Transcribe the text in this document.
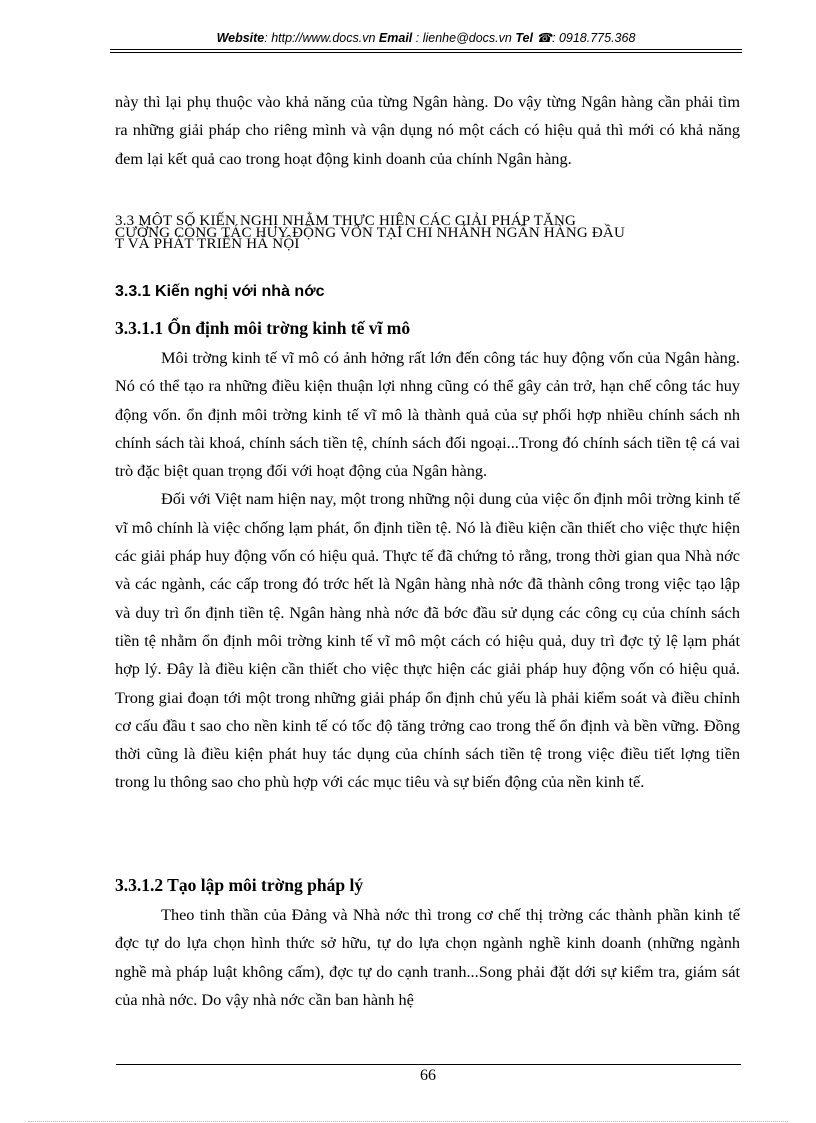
Website: http://www.docs.vn Email : lienhe@docs.vn Tel ☎: 0918.775.368

này thì lại phụ thuộc vào khả năng của từng Ngân hàng. Do vậy từng Ngân hàng cần phải tìm ra những giải pháp cho riêng mình và vận dụng nó một cách có hiệu quả thì mới có khả năng đem lại kết quả cao trong hoạt động kinh doanh của chính Ngân hàng.

3.3 MỘT SỐ KIẾN NGHỊ NHẰM THỰC HIỆN CÁC GIẢI PHÁP TĂNG
CƯỜNG CÔNG TÁC HUY ĐỘNG VỐN TẠI CHI NHÁNH NGÂN HÀNG ĐẦU
T VÀ PHÁT TRIỂN HÀ NỘI
3.3.1 Kiến nghị với nhà nớc
3.3.1.1 Ổn định môi trờng kinh tế vĩ mô

Môi trờng kinh tế vĩ mô có ảnh hởng rất lớn đến công tác huy động vốn của Ngân hàng. Nó có thể tạo ra những điều kiện thuận lợi nhng cũng có thể gây cản trở, hạn chế công tác huy động vốn. ổn định môi trờng kinh tế vĩ mô là thành quả của sự phối hợp nhiều chính sách nh chính sách tài khoá, chính sách tiền tệ, chính sách đối ngoại...Trong đó chính sách tiền tệ cá vai trò đặc biệt quan trọng đối với hoạt động của Ngân hàng.

Đối với Việt nam hiện nay, một trong những nội dung của việc ổn định môi trờng kinh tế vĩ mô chính là việc chống lạm phát, ổn định tiền tệ. Nó là điều kiện cần thiết cho việc thực hiện các giải pháp huy động vốn có hiệu quả. Thực tế đã chứng tỏ rằng, trong thời gian qua Nhà nớc và các ngành, các cấp trong đó trớc hết là Ngân hàng nhà nớc đã thành công trong việc tạo lập và duy trì ổn định tiền tệ. Ngân hàng nhà nớc đã bớc đầu sử dụng các công cụ của chính sách tiền tệ nhằm ổn định môi trờng kinh tế vĩ mô một cách có hiệu quả, duy trì đợc tỷ lệ lạm phát hợp lý. Đây là điều kiện cần thiết cho việc thực hiện các giải pháp huy động vốn có hiệu quả. Trong giai đoạn tới một trong những giải pháp ổn định chủ yếu là phải kiểm soát và điều chỉnh cơ cấu đầu t sao cho nền kinh tế có tốc độ tăng trởng cao trong thế ổn định và bền vững. Đồng thời cũng là điều kiện phát huy tác dụng của chính sách tiền tệ trong việc điều tiết lợng tiền trong lu thông sao cho phù hợp với các mục tiêu và sự biến động của nền kinh tế.

3.3.1.2 Tạo lập môi trờng pháp lý

Theo tinh thần của Đảng và Nhà nớc thì trong cơ chế thị trờng các thành phần kinh tế đợc tự do lựa chọn hình thức sở hữu, tự do lựa chọn ngành nghề kinh doanh (những ngành nghề mà pháp luật không cấm), đợc tự do cạnh tranh...Song phải đặt dới sự kiểm tra, giám sát của nhà nớc. Do vậy nhà nớc cần ban hành hệ

66
